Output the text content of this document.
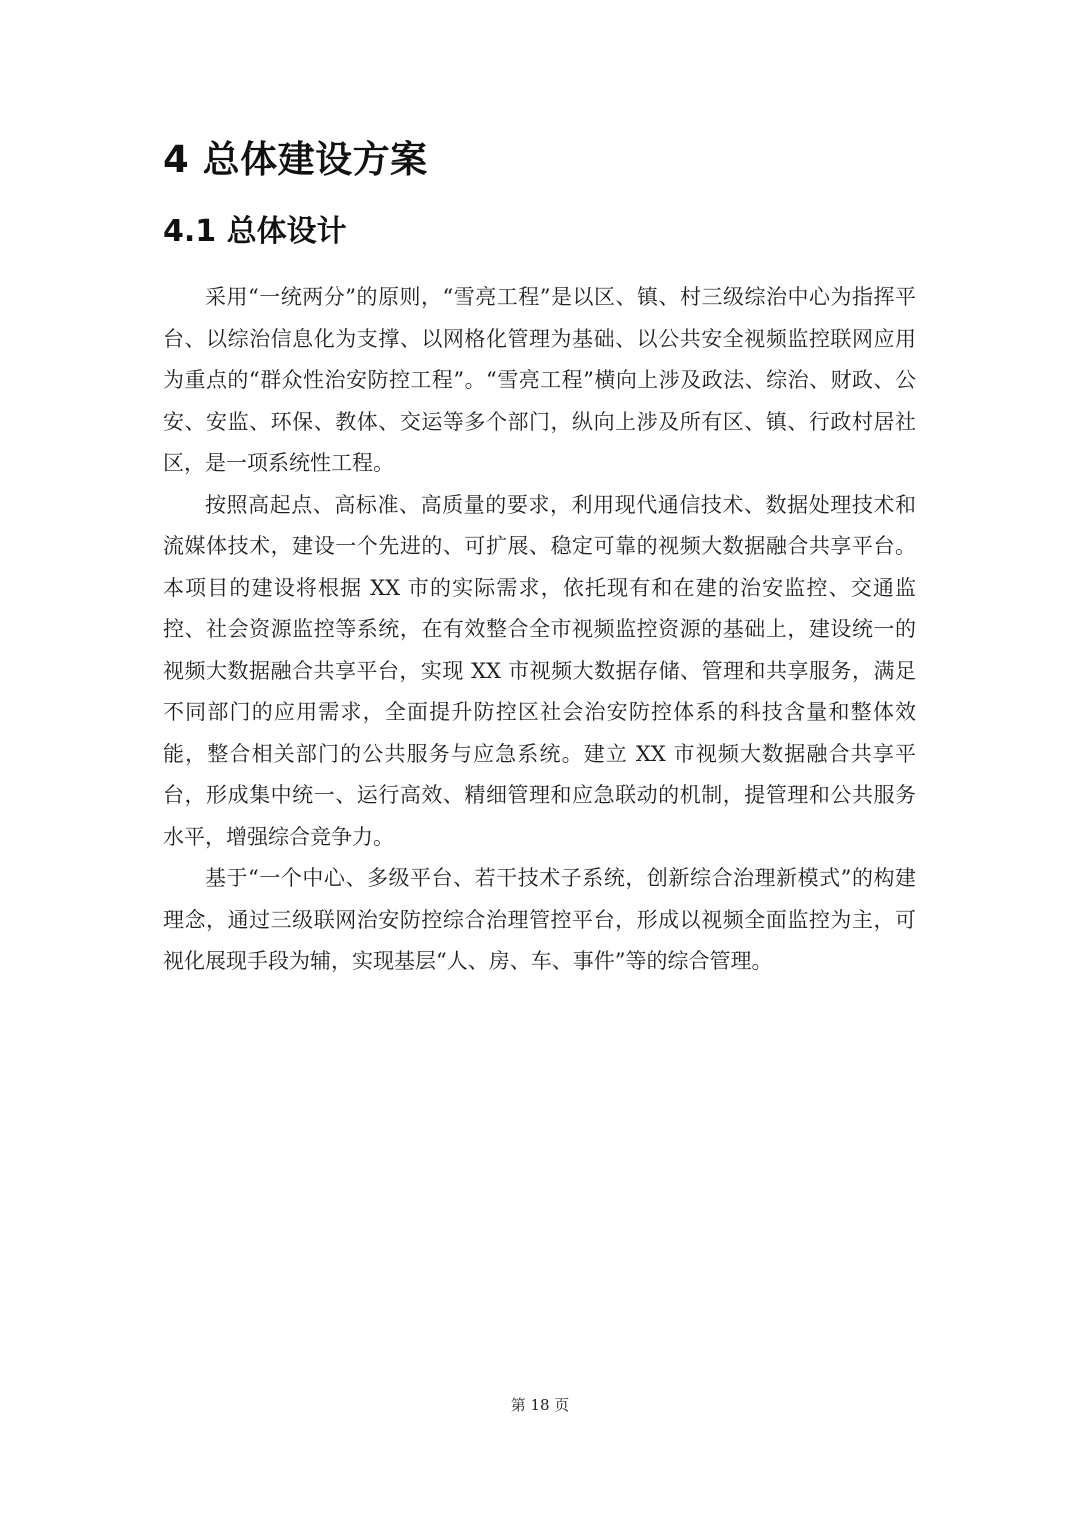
4 总体建设方案
4.1 总体设计

采用“一统两分”的原则，“雪亮工程”是以区、镇、村三级综治中心为指挥平台、以综治信息化为支撑、以网格化管理为基础、以公共安全视频监控联网应用为重点的“群众性治安防控工程”。“雪亮工程”横向上涉及政法、综治、财政、公安、安监、环保、教体、交运等多个部门，纵向上涉及所有区、镇、行政村居社区，是一项系统性工程。

按照高起点、高标准、高质量的要求，利用现代通信技术、数据处理技术和流媒体技术，建设一个先进的、可扩展、稳定可靠的视频大数据融合共享平台。本项目的建设将根据 XX 市的实际需求，依托现有和在建的治安监控、交通监控、社会资源监控等系统，在有效整合全市视频监控资源的基础上，建设统一的视频大数据融合共享平台，实现 XX 市视频大数据存储、管理和共享服务，满足不同部门的应用需求，全面提升防控区社会治安防控体系的科技含量和整体效能，整合相关部门的公共服务与应急系统。建立 XX 市视频大数据融合共享平台，形成集中统一、运行高效、精细管理和应急联动的机制，提管理和公共服务水平，增强综合竞争力。

基于“一个中心、多级平台、若干技术子系统，创新综合治理新模式”的构建理念，通过三级联网治安防控综合治理管控平台，形成以视频全面监控为主，可视化展现手段为辅，实现基层“人、房、车、事件”等的综合管理。

第 18 页
